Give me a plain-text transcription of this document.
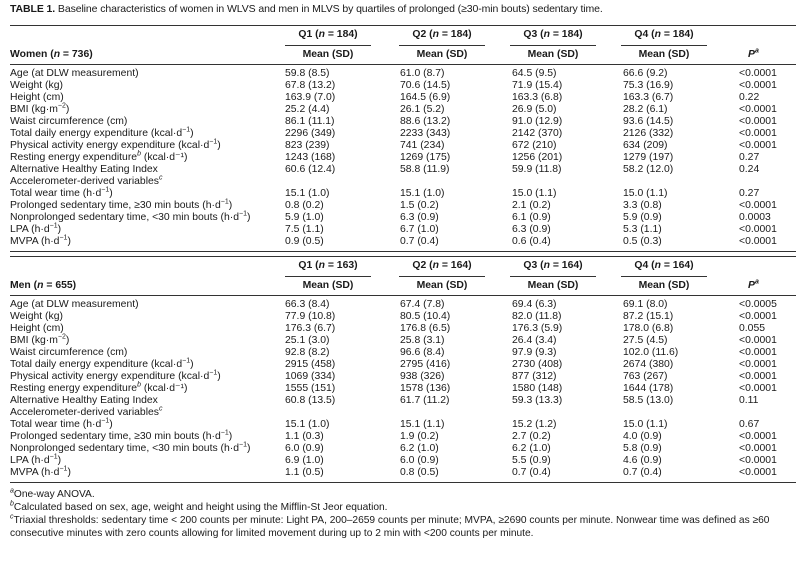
TABLE 1. Baseline characteristics of women in WLVS and men in MLVS by quartiles of prolonged (≥30-min bouts) sedentary time.
Q1 (n = 184)	Q2 (n = 184)	Q3 (n = 184)	Q4 (n = 184)
Women (n = 736)	Mean (SD)	Mean (SD)	Mean (SD)	Mean (SD)	$P^a$
Age (at DLW measurement)	59.8 (8.5)	61.0 (8.7)	64.5 (9.5)	66.6 (9.2)	<0.0001
Weight (kg)	67.8 (13.2)	70.6 (14.5)	71.9 (15.4)	75.3 (16.9)	<0.0001
Height (cm)	163.9 (7.0)	164.5 (6.9)	163.3 (6.8)	163.3 (6.7)	0.22
BMI $(kg\cdot m^{-2})$	25.2 (4.4)	26.1 (5.2)	26.9 (5.0)	28.2 (6.1)	<0.0001
Waist circumference (cm)	86.1 (11.1)	88.6 (13.2)	91.0 (12.9)	93.6 (14.5)	<0.0001
Total daily energy expenditure $(kcal\cdot d^{-1})$	2296 (349)	2233 (343)	2142 (370)	2126 (332)	<0.0001
Physical activity energy expenditure $(kcal\cdot d^{-1})$	823 (239)	741 (234)	672 (210)	634 (209)	<0.0001
Resting energy expenditure$^b$ (kcal·d⁻¹)	1243 (168)	1269 (175)	1256 (201)	1279 (197)	0.27
Alternative Healthy Eating Index	60.6 (12.4)	58.8 (11.9)	59.9 (11.8)	58.2 (12.0)	0.24
Accelerometer-derived variables$^c$
Total wear time $(h\cdot d^{-1})$	15.1 (1.0)	15.1 (1.0)	15.0 (1.1)	15.0 (1.1)	0.27
Prolonged sedentary time, ≥30 min bouts $(h\cdot d^{-1})$	0.8 (0.2)	1.5 (0.2)	2.1 (0.2)	3.3 (0.8)	<0.0001
Nonprolonged sedentary time, <30 min bouts $(h\cdot d^{-1})$	5.9 (1.0)	6.3 (0.9)	6.1 (0.9)	5.9 (0.9)	0.0003
LPA $(h\cdot d^{-1})$	7.5 (1.1)	6.7 (1.0)	6.3 (0.9)	5.3 (1.1)	<0.0001
MVPA $(h\cdot d^{-1})$	0.9 (0.5)	0.7 (0.4)	0.6 (0.4)	0.5 (0.3)	<0.0001
Q1 (n = 163)	Q2 (n = 164)	Q3 (n = 164)	Q4 (n = 164)
Men (n = 655)	Mean (SD)	Mean (SD)	Mean (SD)	Mean (SD)	$P^a$
Age (at DLW measurement)	66.3 (8.4)	67.4 (7.8)	69.4 (6.3)	69.1 (8.0)	<0.0005
Weight (kg)	77.9 (10.8)	80.5 (10.4)	82.0 (11.8)	87.2 (15.1)	<0.0001
Height (cm)	176.3 (6.7)	176.8 (6.5)	176.3 (5.9)	178.0 (6.8)	0.055
BMI $(kg\cdot m^{-2})$	25.1 (3.0)	25.8 (3.1)	26.4 (3.4)	27.5 (4.5)	<0.0001
Waist circumference (cm)	92.8 (8.2)	96.6 (8.4)	97.9 (9.3)	102.0 (11.6)	<0.0001
Total daily energy expenditure $(kcal\cdot d^{-1})$	2915 (458)	2795 (416)	2730 (408)	2674 (380)	<0.0001
Physical activity energy expenditure $(kcal\cdot d^{-1})$	1069 (334)	938 (326)	877 (312)	763 (267)	<0.0001
Resting energy expenditure$^b$ (kcal·d⁻¹)	1555 (151)	1578 (136)	1580 (148)	1644 (178)	<0.0001
Alternative Healthy Eating Index	60.8 (13.5)	61.7 (11.2)	59.3 (13.3)	58.5 (13.0)	0.11
Accelerometer-derived variables$^c$
Total wear time $(h\cdot d^{-1})$	15.1 (1.0)	15.1 (1.1)	15.2 (1.2)	15.0 (1.1)	0.67
Prolonged sedentary time, ≥30 min bouts $(h\cdot d^{-1})$	1.1 (0.3)	1.9 (0.2)	2.7 (0.2)	4.0 (0.9)	<0.0001
Nonprolonged sedentary time, <30 min bouts $(h\cdot d^{-1})$	6.0 (0.9)	6.2 (1.0)	6.2 (1.0)	5.8 (0.9)	<0.0001
LPA $(h\cdot d^{-1})$	6.9 (1.0)	6.0 (0.9)	5.5 (0.9)	4.6 (0.9)	<0.0001
MVPA $(h\cdot d^{-1})$	1.1 (0.5)	0.8 (0.5)	0.7 (0.4)	0.7 (0.4)	<0.0001
$^a$One-way ANOVA.
$^b$Calculated based on sex, age, weight and height using the Mifflin-St Jeor equation.
$^c$Triaxial thresholds: sedentary time < 200 counts per minute: Light PA, 200–2659 counts per minute; MVPA, ≥2690 counts per minute. Nonwear time was defined as ≥60 consecutive minutes with zero counts allowing for limited movement during up to 2 min with <200 counts per minute.
